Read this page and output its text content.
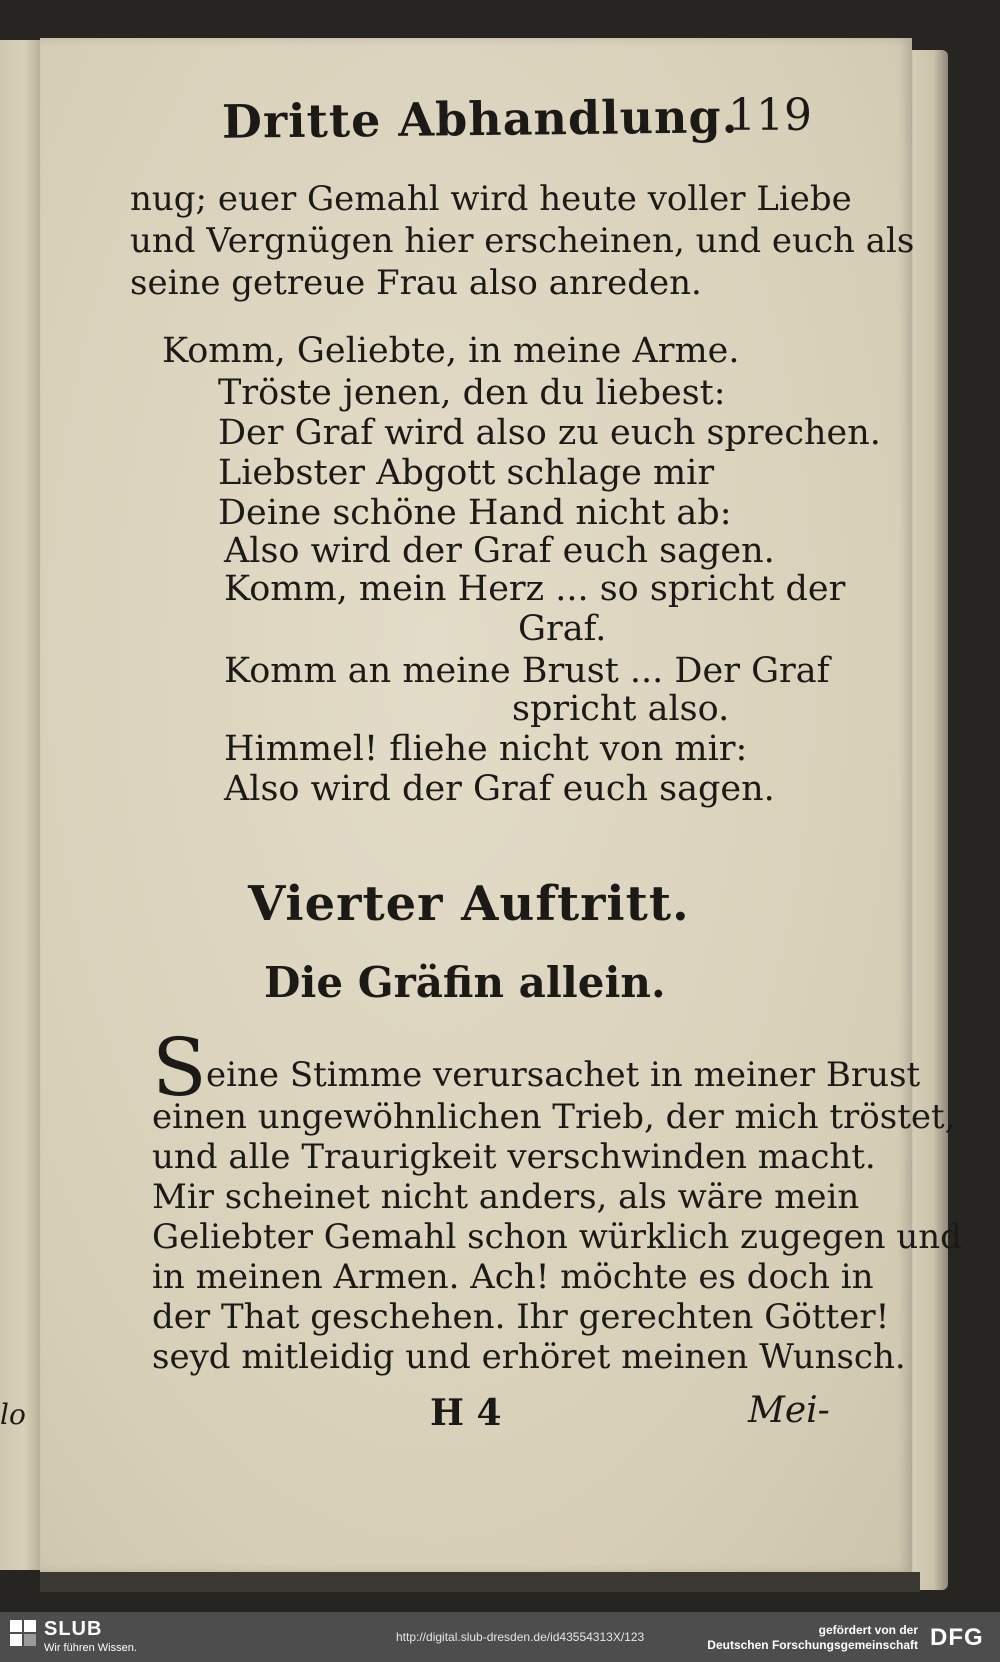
lo
Dritte Abhandlung.
119
nug; euer Gemahl wird heute voller Liebe
und Vergnügen hier erscheinen, und euch als
seine getreue Frau also anreden.
Komm, Geliebte, in meine Arme.
Tröste jenen, den du liebest:
Der Graf wird also zu euch sprechen.
Liebster Abgott schlage mir
Deine schöne Hand nicht ab:
Also wird der Graf euch sagen.
Komm, mein Herz ... so spricht der
Graf.
Komm an meine Brust ... Der Graf
spricht also.
Himmel! fliehe nicht von mir:
Also wird der Graf euch sagen.
Vierter Auftritt.
Die Gräfin allein.
S eine Stimme verursachet in meiner Brust
einen ungewöhnlichen Trieb, der mich tröstet,
und alle Traurigkeit verschwinden macht.
Mir scheinet nicht anders, als wäre mein
Geliebter Gemahl schon würklich zugegen und
in meinen Armen. Ach! möchte es doch in
der That geschehen. Ihr gerechten Götter!
seyd mitleidig und erhöret meinen Wunsch.
H 4	Mei-
SLUB
Wir führen Wissen.
http://digital.slub-dresden.de/id43554313X/123	gefördert von der
Deutschen Forschungsgemeinschaft DFG
